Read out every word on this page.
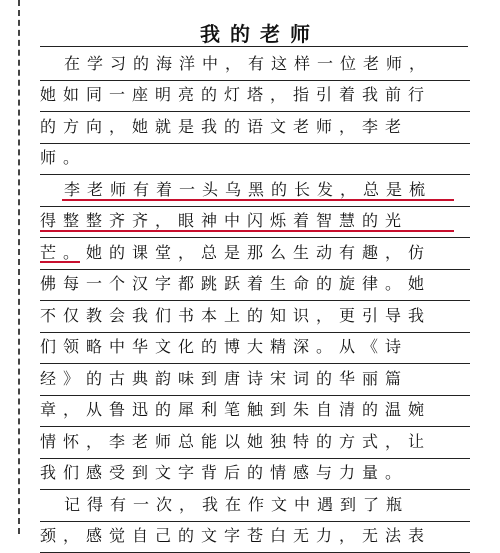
我的老师
在学习的海洋中，有这样一位老师，
她如同一座明亮的灯塔，指引着我前行
的方向，她就是我的语文老师，李老
师。
李老师有着一头乌黑的长发，总是梳
得整整齐齐，眼神中闪烁着智慧的光
芒。她的课堂，总是那么生动有趣，仿
佛每一个汉字都跳跃着生命的旋律。她
不仅教会我们书本上的知识，更引导我
们领略中华文化的博大精深。从《诗
经》的古典韵味到唐诗宋词的华丽篇
章，从鲁迅的犀利笔触到朱自清的温婉
情怀，李老师总能以她独特的方式，让
我们感受到文字背后的情感与力量。
记得有一次，我在作文中遇到了瓶
颈，感觉自己的文字苍白无力，无法表
